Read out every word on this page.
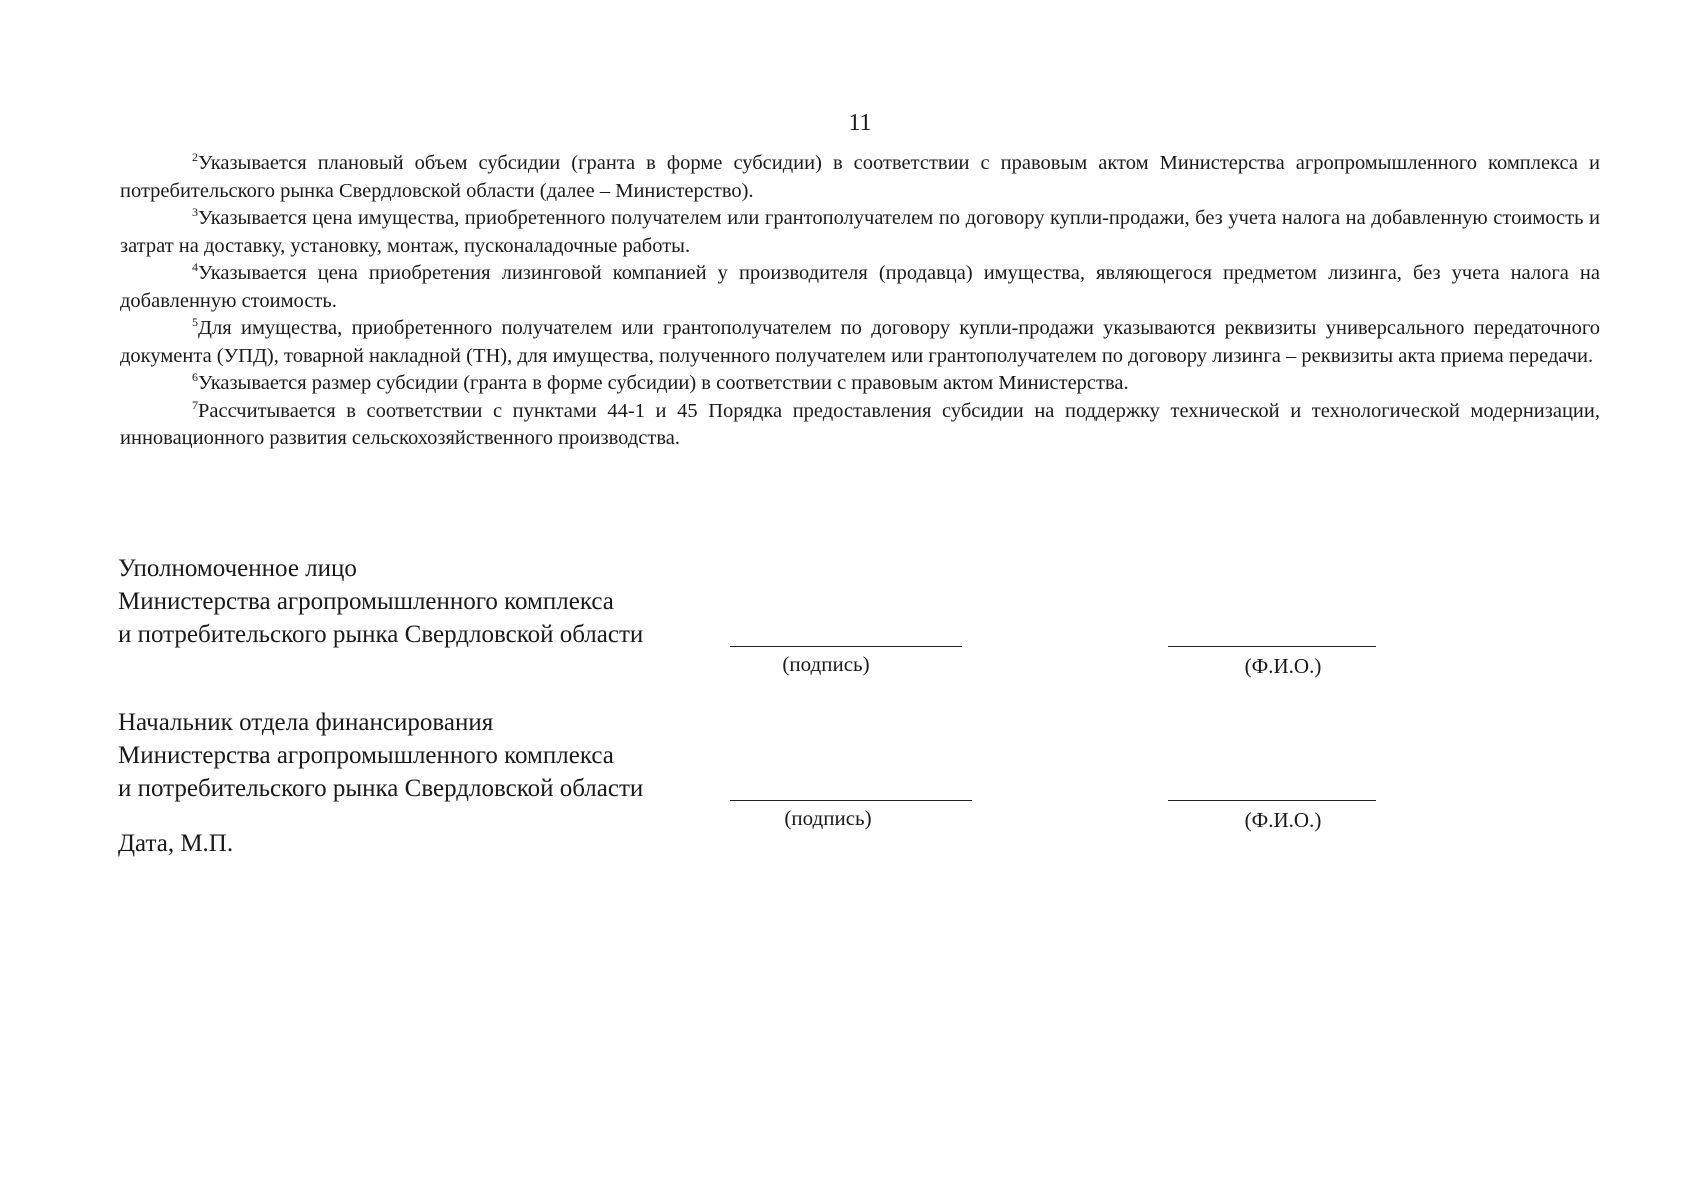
11

$^2$Указывается плановый объем субсидии (гранта в форме субсидии) в соответствии с правовым актом Министерства агропромышленного комплекса и потребительского рынка Свердловской области (далее – Министерство).

$^3$Указывается цена имущества, приобретенного получателем или грантополучателем по договору купли-продажи, без учета налога на добавленную стоимость и затрат на доставку, установку, монтаж, пусконаладочные работы.

$^4$Указывается цена приобретения лизинговой компанией у производителя (продавца) имущества, являющегося предметом лизинга, без учета налога на добавленную стоимость.

$^5$Для имущества, приобретенного получателем или грантополучателем по договору купли-продажи указываются реквизиты универсального передаточного документа (УПД), товарной накладной (ТН), для имущества, полученного получателем или грантополучателем по договору лизинга – реквизиты акта приема передачи.

$^6$Указывается размер субсидии (гранта в форме субсидии) в соответствии с правовым актом Министерства.

$^7$Рассчитывается в соответствии с пунктами 44-1 и 45 Порядка предоставления субсидии на поддержку технической и технологической модернизации, инновационного развития сельскохозяйственного производства.

Уполномоченное лицо
Министерства агропромышленного комплекса
и потребительского рынка Свердловской области
(подпись)	(Ф.И.О.)
Начальник отдела финансирования
Министерства агропромышленного комплекса
и потребительского рынка Свердловской области
(подпись)	(Ф.И.О.)
Дата, М.П.
